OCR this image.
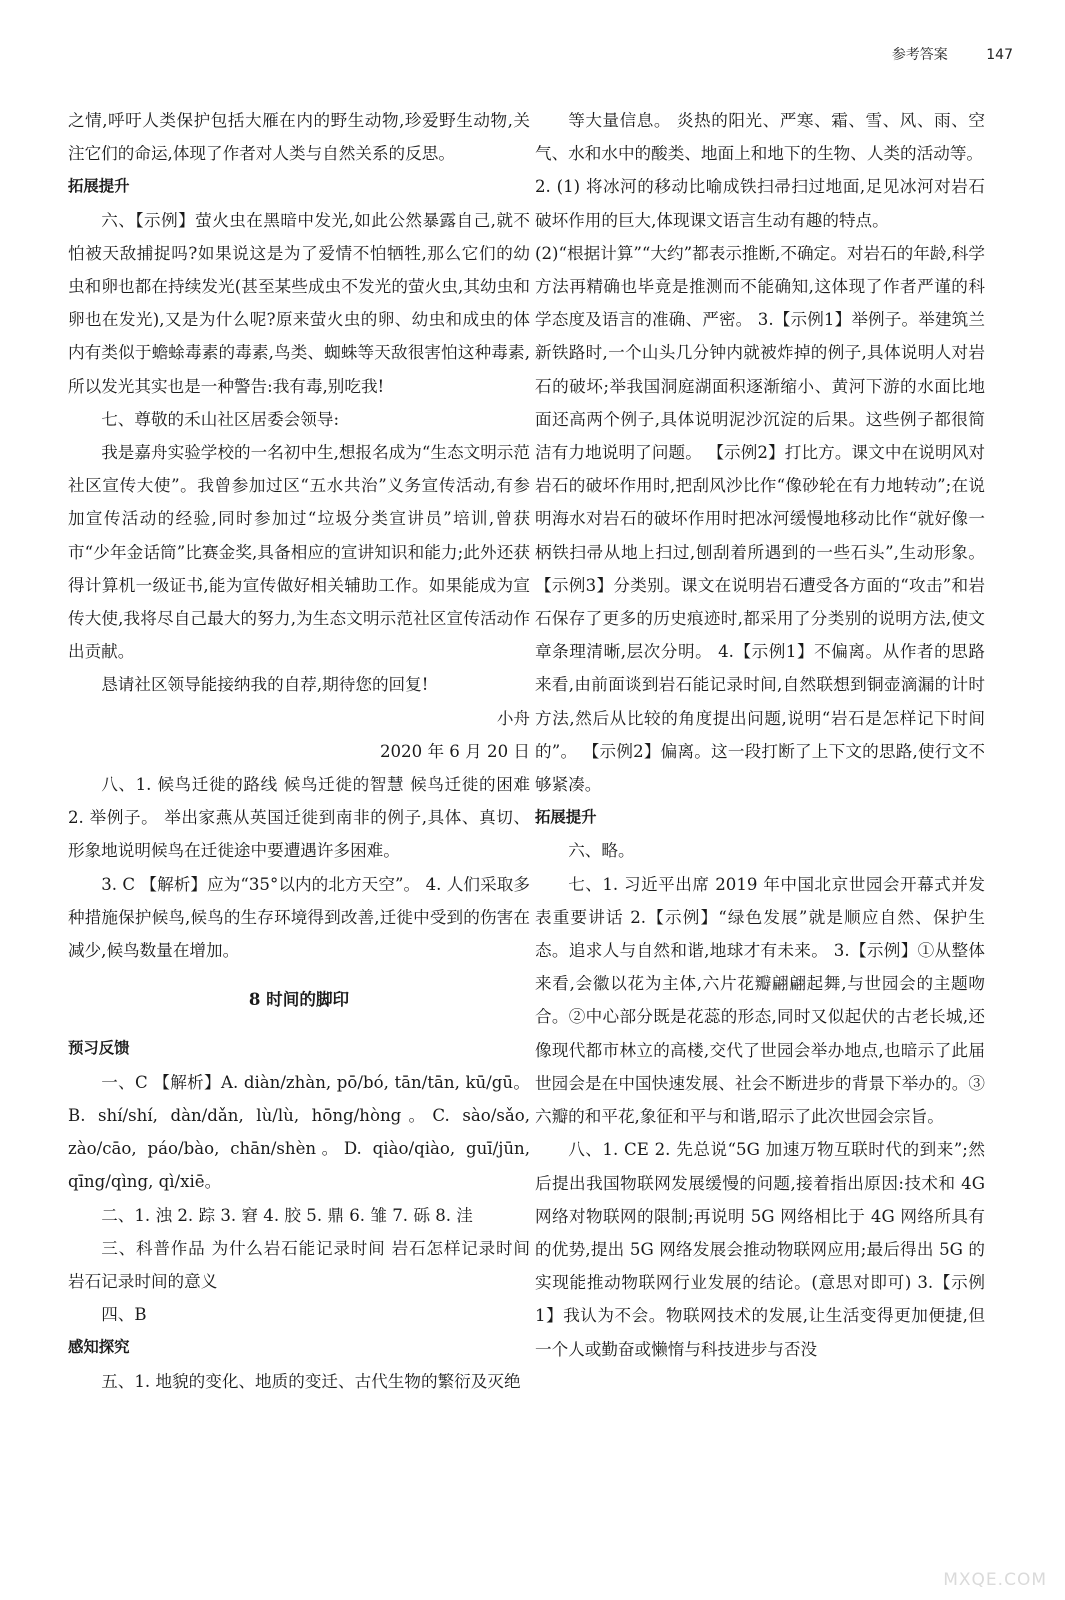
参考答案	147

之情,呼吁人类保护包括大雁在内的野生动物,珍爱野生动物,关注它们的命运,体现了作者对人类与自然关系的反思。

拓展提升

六、【示例】萤火虫在黑暗中发光,如此公然暴露自己,就不怕被天敌捕捉吗?如果说这是为了爱情不怕牺牲,那么它们的幼虫和卵也都在持续发光(甚至某些成虫不发光的萤火虫,其幼虫和卵也在发光),又是为什么呢?原来萤火虫的卵、幼虫和成虫的体内有类似于蟾蜍毒素的毒素,鸟类、蜘蛛等天敌很害怕这种毒素,所以发光其实也是一种警告:我有毒,别吃我!

七、尊敬的禾山社区居委会领导:

我是嘉舟实验学校的一名初中生,想报名成为“生态文明示范社区宣传大使”。我曾参加过区“五水共治”义务宣传活动,有参加宣传活动的经验,同时参加过“垃圾分类宣讲员”培训,曾获市“少年金话筒”比赛金奖,具备相应的宣讲知识和能力;此外还获得计算机一级证书,能为宣传做好相关辅助工作。如果能成为宣传大使,我将尽自己最大的努力,为生态文明示范社区宣传活动作出贡献。

恳请社区领导能接纳我的自荐,期待您的回复!

小舟

2020 年 6 月 20 日

八、1. 候鸟迁徙的路线 候鸟迁徙的智慧 候鸟迁徙的困难 2. 举例子。 举出家燕从英国迁徙到南非的例子,具体、真切、形象地说明候鸟在迁徙途中要遭遇许多困难。

3. C 【解析】应为“35°以内的北方天空”。 4. 人们采取多种措施保护候鸟,候鸟的生存环境得到改善,迁徙中受到的伤害在减少,候鸟数量在增加。

8 时间的脚印

预习反馈

一、C 【解析】A. diàn/zhàn, pō/bó, tān/tān, kū/gū。B. shí/shí, dàn/dǎn, lù/lù, hōng/hòng。C. sào/sǎo, zào/cāo, páo/bào, chān/shèn。D. qiào/qiào, guī/jūn, qīng/qìng, qì/xiē。

二、1. 浊 2. 踪 3. 窘 4. 胶 5. 鼎 6. 雏 7. 砾 8. 洼

三、科普作品 为什么岩石能记录时间 岩石怎样记录时间 岩石记录时间的意义

四、B

感知探究

五、1. 地貌的变化、地质的变迁、古代生物的繁衍及灭绝

等大量信息。 炎热的阳光、严寒、霜、雪、风、雨、空气、水和水中的酸类、地面上和地下的生物、人类的活动等。

2. (1) 将冰河的移动比喻成铁扫帚扫过地面,足见冰河对岩石破坏作用的巨大,体现课文语言生动有趣的特点。

(2)“根据计算”“大约”都表示推断,不确定。对岩石的年龄,科学方法再精确也毕竟是推测而不能确知,这体现了作者严谨的科学态度及语言的准确、严密。 3.【示例1】举例子。举建筑兰新铁路时,一个山头几分钟内就被炸掉的例子,具体说明人对岩石的破坏;举我国洞庭湖面积逐渐缩小、黄河下游的水面比地面还高两个例子,具体说明泥沙沉淀的后果。这些例子都很简洁有力地说明了问题。 【示例2】打比方。课文中在说明风对岩石的破坏作用时,把刮风沙比作“像砂轮在有力地转动”;在说明海水对岩石的破坏作用时把冰河缓慢地移动比作“就好像一柄铁扫帚从地上扫过,刨刮着所遇到的一些石头”,生动形象。【示例3】分类别。课文在说明岩石遭受各方面的“攻击”和岩石保存了更多的历史痕迹时,都采用了分类别的说明方法,使文章条理清晰,层次分明。 4.【示例1】不偏离。从作者的思路来看,由前面谈到岩石能记录时间,自然联想到铜壶滴漏的计时方法,然后从比较的角度提出问题,说明“岩石是怎样记下时间的”。 【示例2】偏离。这一段打断了上下文的思路,使行文不够紧凑。

拓展提升

六、略。

七、1. 习近平出席 2019 年中国北京世园会开幕式并发表重要讲话 2.【示例】“绿色发展”就是顺应自然、保护生态。追求人与自然和谐,地球才有未来。 3.【示例】①从整体来看,会徽以花为主体,六片花瓣翩翩起舞,与世园会的主题吻合。②中心部分既是花蕊的形态,同时又似起伏的古老长城,还像现代都市林立的高楼,交代了世园会举办地点,也暗示了此届世园会是在中国快速发展、社会不断进步的背景下举办的。③六瓣的和平花,象征和平与和谐,昭示了此次世园会宗旨。

八、1. CE 2. 先总说“5G 加速万物互联时代的到来”;然后提出我国物联网发展缓慢的问题,接着指出原因:技术和 4G 网络对物联网的限制;再说明 5G 网络相比于 4G 网络所具有的优势,提出 5G 网络发展会推动物联网应用;最后得出 5G 的实现能推动物联网行业发展的结论。(意思对即可) 3.【示例1】我认为不会。物联网技术的发展,让生活变得更加便捷,但一个人或勤奋或懒惰与科技进步与否没

MXQE.COM
